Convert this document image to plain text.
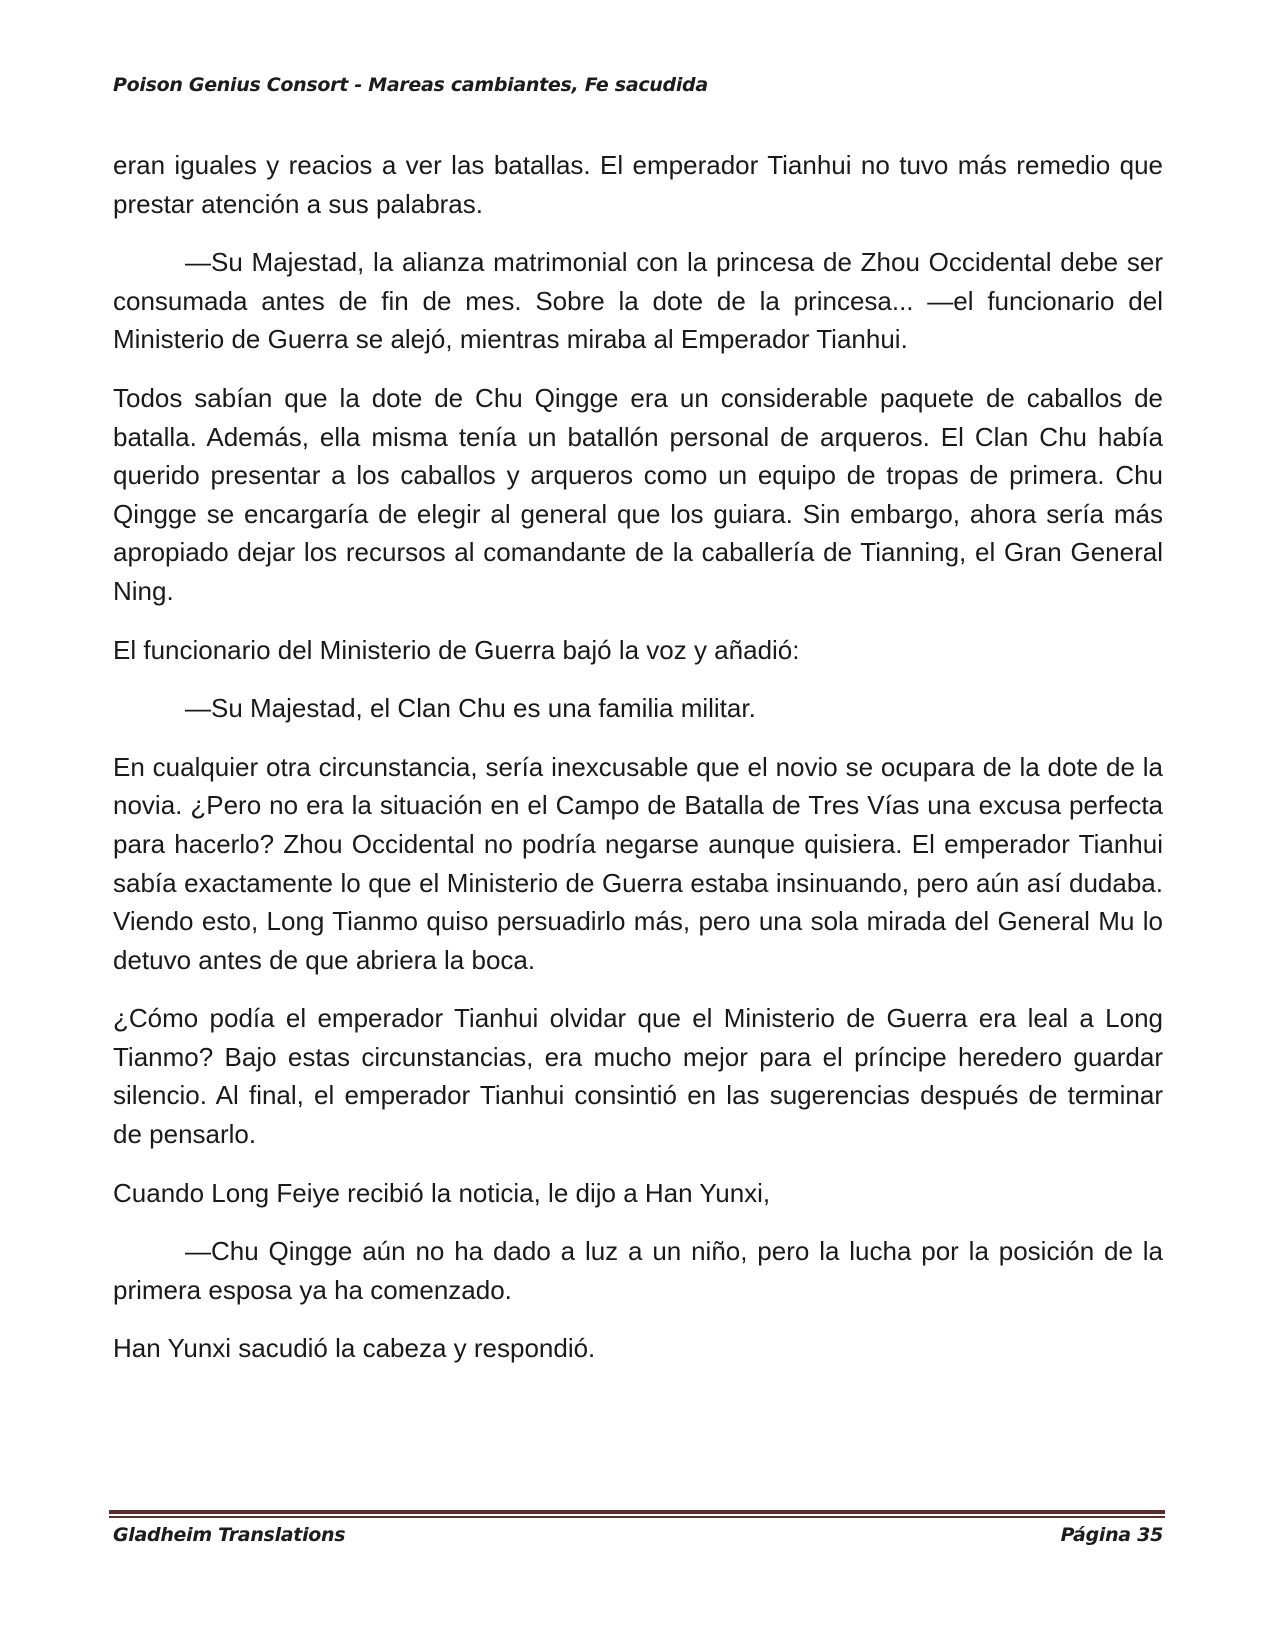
Poison Genius Consort - Mareas cambiantes, Fe sacudida

eran iguales y reacios a ver las batallas. El emperador Tianhui no tuvo más remedio que prestar atención a sus palabras.

—Su Majestad, la alianza matrimonial con la princesa de Zhou Occidental debe ser consumada antes de fin de mes. Sobre la dote de la princesa... —el funcionario del Ministerio de Guerra se alejó, mientras miraba al Emperador Tianhui.

Todos sabían que la dote de Chu Qingge era un considerable paquete de caballos de batalla. Además, ella misma tenía un batallón personal de arqueros. El Clan Chu había querido presentar a los caballos y arqueros como un equipo de tropas de primera. Chu Qingge se encargaría de elegir al general que los guiara. Sin embargo, ahora sería más apropiado dejar los recursos al comandante de la caballería de Tianning, el Gran General Ning.

El funcionario del Ministerio de Guerra bajó la voz y añadió:

—Su Majestad, el Clan Chu es una familia militar.

En cualquier otra circunstancia, sería inexcusable que el novio se ocupara de la dote de la novia. ¿Pero no era la situación en el Campo de Batalla de Tres Vías una excusa perfecta para hacerlo? Zhou Occidental no podría negarse aunque quisiera. El emperador Tianhui sabía exactamente lo que el Ministerio de Guerra estaba insinuando, pero aún así dudaba. Viendo esto, Long Tianmo quiso persuadirlo más, pero una sola mirada del General Mu lo detuvo antes de que abriera la boca.

¿Cómo podía el emperador Tianhui olvidar que el Ministerio de Guerra era leal a Long Tianmo? Bajo estas circunstancias, era mucho mejor para el príncipe heredero guardar silencio. Al final, el emperador Tianhui consintió en las sugerencias después de terminar de pensarlo.

Cuando Long Feiye recibió la noticia, le dijo a Han Yunxi,

—Chu Qingge aún no ha dado a luz a un niño, pero la lucha por la posición de la primera esposa ya ha comenzado.

Han Yunxi sacudió la cabeza y respondió.

Gladheim Translations	Página 35
